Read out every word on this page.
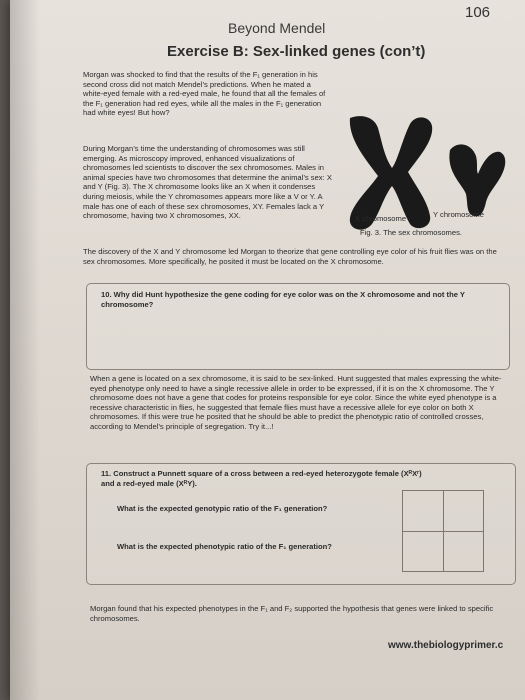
106
Beyond Mendel
Exercise B: Sex-linked genes (con’t)
Morgan was shocked to find that the results of the F₁ generation in his second cross did not match Mendel’s predictions. When he mated a white-eyed female with a red-eyed male, he found that all the females of the F₁ generation had red eyes, while all the males in the F₁ generation had white eyes! But how?
During Morgan’s time the understanding of chromosomes was still emerging. As microscopy improved, enhanced visualizations of chromosomes led scientists to discover the sex chromosomes. Males in animal species have two chromosomes that determine the animal’s sex: X and Y (Fig. 3). The X chromosome looks like an X when it condenses during meiosis, while the Y chromosomes appears more like a V or Y. A male has one of each of these sex chromosomes, XY. Females lack a Y chromosome, having two X chromosomes, XX.	X chromosome	Y chromosome
Fig. 3. The sex chromosomes.
The discovery of the X and Y chromosome led Morgan to theorize that gene controlling eye color of his fruit flies was on the sex chromosomes. More specifically, he posited it must be located on the X chromosome.
10. Why did Hunt hypothesize the gene coding for eye color was on the X chromosome and not the Y chromosome?
When a gene is located on a sex chromosome, it is said to be sex-linked. Hunt suggested that males expressing the white-eyed phenotype only need to have a single recessive allele in order to be expressed, if it is on the X chromosome. The Y chromosome does not have a gene that codes for proteins responsible for eye color. Since the white eyed phenotype is a recessive characteristic in flies, he suggested that female flies must have a recessive allele for eye color on both X chromosomes. If this were true he posited that he should be able to predict the phenotypic ratio of controlled crosses, according to Mendel’s principle of segregation. Try it...!
11. Construct a Punnett square of a cross between a red-eyed heterozygote female (XᴿXʳ) and a red-eyed male (XᴿY).
What is the expected genotypic ratio of the F₁ generation?
What is the expected phenotypic ratio of the F₁ generation?
Morgan found that his expected phenotypes in the F₁ and F₂ supported the hypothesis that genes were linked to specific chromosomes.
www.thebiologyprimer.c
